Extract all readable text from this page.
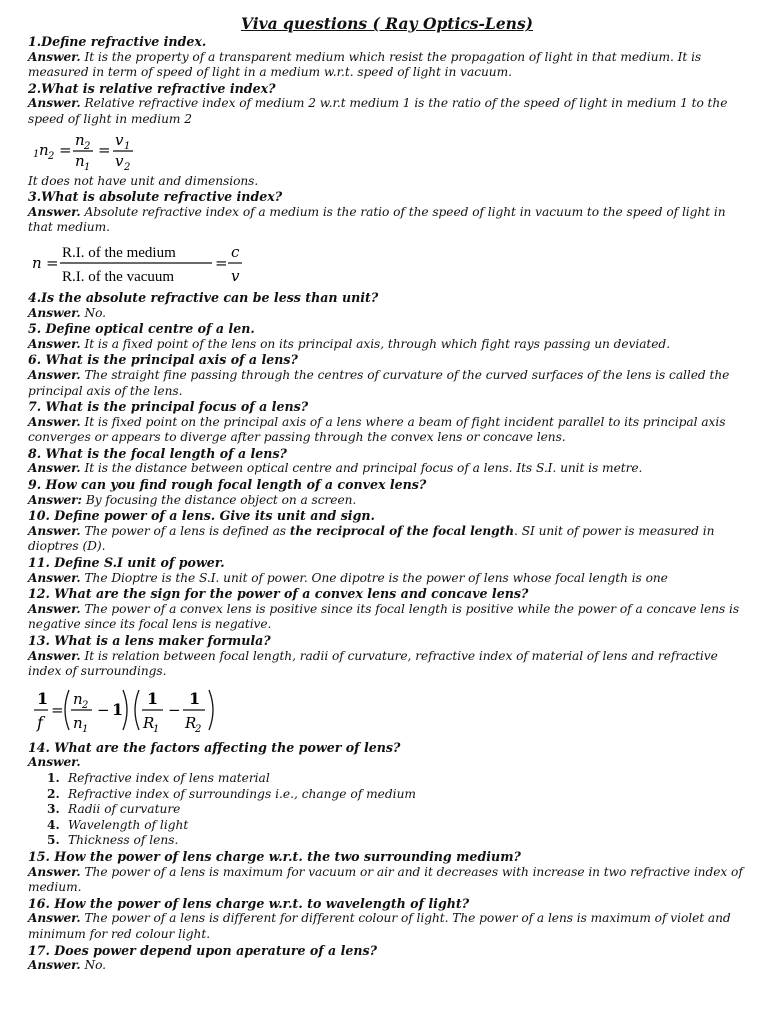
Viva questions ( Ray Optics-Lens)

1.Define refractive index.

Answer. It is the property of a transparent medium which resist the propagation of light in that medium. It is measured in term of speed of light in a medium w.r.t. speed of light in vacuum.

2.What is relative refractive index?

Answer. Relative refractive index of medium 2 w.r.t medium 1 is the ratio of the speed of light in medium 1 to the speed of light in medium 2

1 n 2 =
n 2
n 1
=
v 1
v 2

It does not have unit and dimensions.

3.What is absolute refractive index?

Answer. Absolute refractive index of a medium is the ratio of the speed of light in vacuum to the speed of light in that medium.

n =
R.I. of the medium
R.I. of the vacuum
=
c
v

4.Is the absolute refractive can be less than unit?

Answer. No.

5. Define optical centre of a len.

Answer. It is a fixed point of the lens on its principal axis, through which fight rays passing un deviated.

6. What is the principal axis of a lens?

Answer. The straight fine passing through the centres of curvature of the curved surfaces of the lens is called the principal axis of the lens.

7. What is the principal focus of a lens?

Answer. It is fixed point on the principal axis of a lens where a beam of fight incident parallel to its principal axis converges or appears to diverge after passing through the convex lens or concave lens.

8. What is the focal length of a lens?

Answer. It is the distance between optical centre and principal focus of a lens. Its S.I. unit is metre.

9. How can you find rough focal length of a convex lens?

Answer: By focusing the distance object on a screen.

10. Define power of a lens. Give its unit and sign.

Answer. The power of a lens is defined as the reciprocal of the focal length. SI unit of power is measured in dioptres (D).

11. Define S.I unit of power.

Answer. The Dioptre is the S.I. unit of power. One dipotre is the power of lens whose focal length is one

12. What are the sign for the power of a convex lens and concave lens?

Answer. The power of a convex lens is positive since its focal length is positive while the power of a concave lens is negative since its focal lens is negative.

13. What is a lens maker formula?

Answer. It is relation between focal length, radii of curvature, refractive index of material of lens and refractive index of surroundings.

1
f
=
n 2
n 1
− 1
1
R
1
−
1
R
2

14. What are the factors affecting the power of lens?

Answer.

1. Refractive index of lens material
2. Refractive index of surroundings i.e., change of medium
3. Radii of curvature
4. Wavelength of light
5. Thickness of lens.

15. How the power of lens charge w.r.t. the two surrounding medium?

Answer. The power of a lens is maximum for vacuum or air and it decreases with increase in two refractive index of medium.

16. How the power of lens charge w.r.t. to wavelength of light?

Answer. The power of a lens is different for different colour of light. The power of a lens is maximum of violet and minimum for red colour light.

17. Does power depend upon aperature of a lens?

Answer. No.
